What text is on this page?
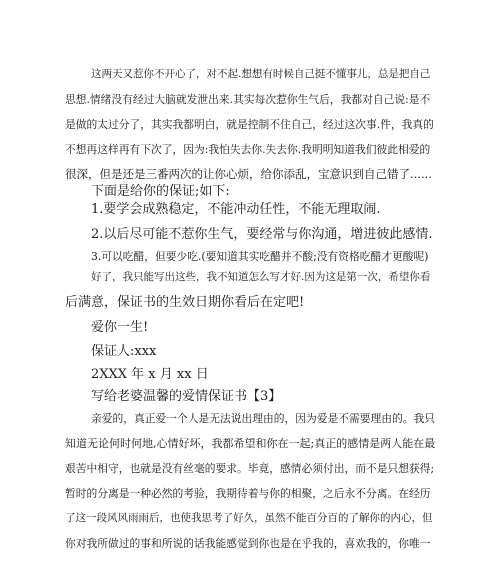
这两天又惹你不开心了，对不起.想想有时候自己挺不懂事儿，总是把自己
思想.情绪没有经过大脑就发泄出来.其实每次惹你生气后，我都对自己说:是不
是做的太过分了，其实我都明白，就是控制不住自己，经过这次事.件，我真的
不想再这样再有下次了，因为:我怕失去你.失去你.我明明知道我们彼此相爱的
很深，但是还是三番两次的让你心烦，给你添乱，宝意识到自己错了......
下面是给你的保证;如下:
1.要学会成熟稳定，不能冲动任性，不能无理取闹.
2.以后尽可能不惹你生气，要经常与你沟通，增进彼此感情.
3.可以吃醋，但要少吃.(要知道其实吃醋并不酸;没有资格吃醋才更酸呢)
好了，我只能写出这些，我不知道怎么写才好.因为这是第一次，希望你看
后满意，保证书的生效日期你看后在定吧!
爱你一生!
保证人:xxx
2XXX 年 x 月 xx 日
写给老婆温馨的爱情保证书【3】
亲爱的，真正爱一个人是无法说出理由的，因为爱是不需要理由的。我只
知道无论何时何地,心情好坏，我都希望和你在一起;真正的感情是两人能在最
艰苦中相守，也就是没有丝毫的要求。毕竟，感情必须付出，而不是只想获得;
暂时的分离是一种必然的考验，我期待着与你的相聚，之后永不分离。在经历
了这一段风风雨雨后，也使我思考了好久，虽然不能百分百的了解你的内心，但
你对我所做过的事和所说的话我能感觉到你也是在乎我的，喜欢我的，你唯一
